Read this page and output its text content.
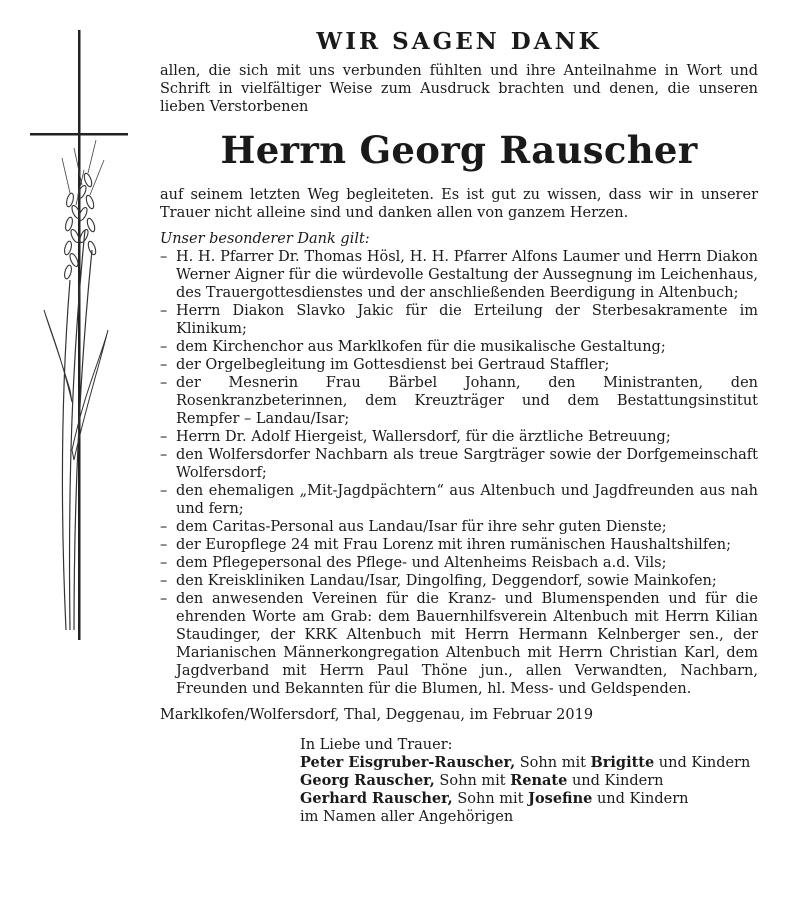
WIR SAGEN DANK

allen, die sich mit uns verbunden fühlten und ihre Anteilnahme in Wort und Schrift in vielfältiger Weise zum Ausdruck brachten und denen, die unseren lieben Verstorbenen

Herrn Georg Rauscher

auf seinem letzten Weg begleiteten. Es ist gut zu wissen, dass wir in unserer Trauer nicht alleine sind und danken allen von ganzem Herzen.

Unser besonderer Dank gilt:

– H. H. Pfarrer Dr. Thomas Hösl, H. H. Pfarrer Alfons Laumer und Herrn Diakon Werner Aigner für die würdevolle Gestaltung der Aussegnung im Leichenhaus, des Trauergottesdienstes und der anschließenden Beerdigung in Altenbuch;
– Herrn Diakon Slavko Jakic für die Erteilung der Sterbesakramente im Klinikum;
– dem Kirchenchor aus Marklkofen für die musikalische Gestaltung;
– der Orgelbegleitung im Gottesdienst bei Gertraud Staffler;
– der Mesnerin Frau Bärbel Johann, den Ministranten, den Rosenkranzbeterinnen, dem Kreuzträger und dem Bestattungsinstitut Rempfer – Landau/Isar;
– Herrn Dr. Adolf Hiergeist, Wallersdorf, für die ärztliche Betreuung;
– den Wolfersdorfer Nachbarn als treue Sargträger sowie der Dorfgemeinschaft Wolfersdorf;
– den ehemaligen „Mit-Jagdpächtern“ aus Altenbuch und Jagdfreunden aus nah und fern;
– dem Caritas-Personal aus Landau/Isar für ihre sehr guten Dienste;
– der Europflege 24 mit Frau Lorenz mit ihren rumänischen Haushaltshilfen;
– dem Pflegepersonal des Pflege- und Altenheims Reisbach a.d. Vils;
– den Kreiskliniken Landau/Isar, Dingolfing, Deggendorf, sowie Mainkofen;
– den anwesenden Vereinen für die Kranz- und Blumenspenden und für die ehrenden Worte am Grab: dem Bauernhilfsverein Altenbuch mit Herrn Kilian Staudinger, der KRK Altenbuch mit Herrn Hermann Kelnberger sen., der Marianischen Männerkongregation Altenbuch mit Herrn Christian Karl, dem Jagdverband mit Herrn Paul Thöne jun., allen Verwandten, Nachbarn, Freunden und Bekannten für die Blumen, hl. Mess- und Geldspenden.

Marklkofen/Wolfersdorf, Thal, Deggenau, im Februar 2019

In Liebe und Trauer:
Peter Eisgruber-Rauscher, Sohn mit Brigitte und Kindern
Georg Rauscher, Sohn mit Renate und Kindern
Gerhard Rauscher, Sohn mit Josefine und Kindern
im Namen aller Angehörigen
